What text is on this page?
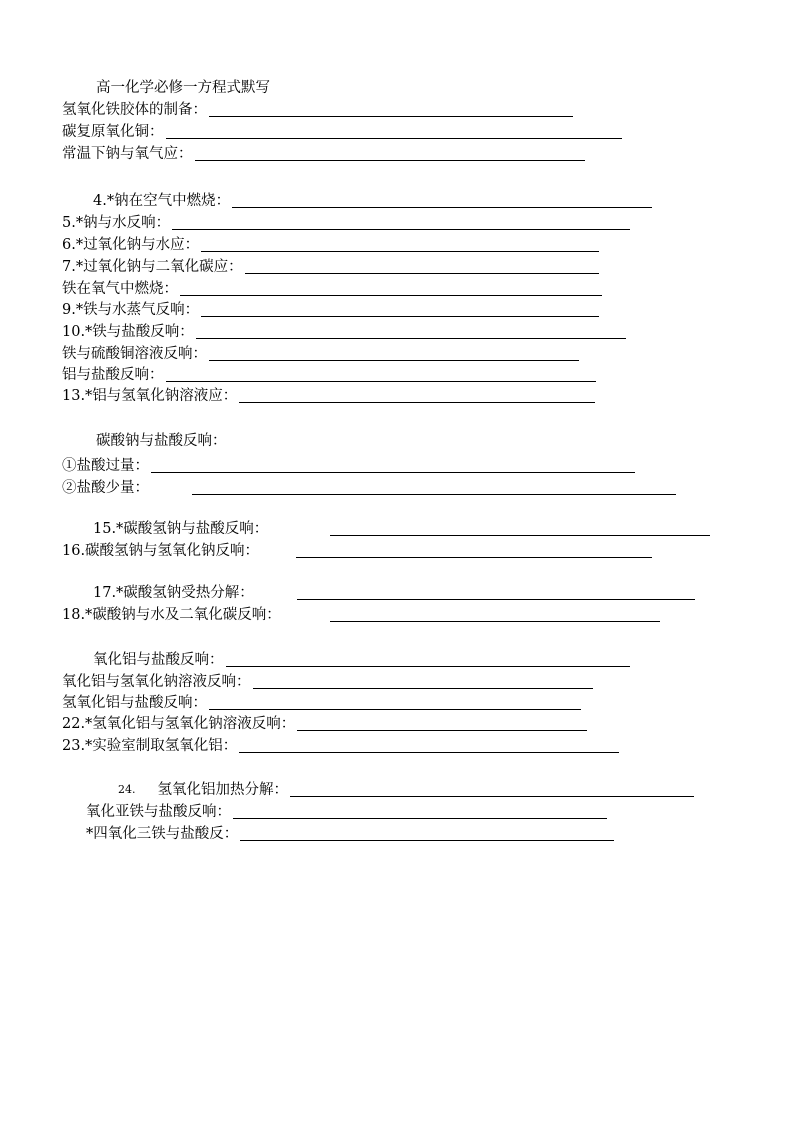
高一化学必修一方程式默写
氢氧化铁胶体的制备：
碳复原氧化铜：
常温下钠与氧气应：
4.*钠在空气中燃烧：
5.*钠与水反响：
6.*过氧化钠与水应：
7.*过氧化钠与二氧化碳应：
铁在氧气中燃烧：
9.*铁与水蒸气反响：
10.*铁与盐酸反响：
铁与硫酸铜溶液反响：
铝与盐酸反响：
13.*铝与氢氧化钠溶液应：
碳酸钠与盐酸反响：
①盐酸过量：
②盐酸少量：
15.*碳酸氢钠与盐酸反响：
16.碳酸氢钠与氢氧化钠反响：
17.*碳酸氢钠受热分解：
18.*碳酸钠与水及二氧化碳反响：
氧化铝与盐酸反响：
氧化铝与氢氧化钠溶液反响：
氢氧化铝与盐酸反响：
22.*氢氧化铝与氢氧化钠溶液反响：
23.*实验室制取氢氧化铝：
24. 氢氧化铝加热分解：
氧化亚铁与盐酸反响：
*四氧化三铁与盐酸反：
